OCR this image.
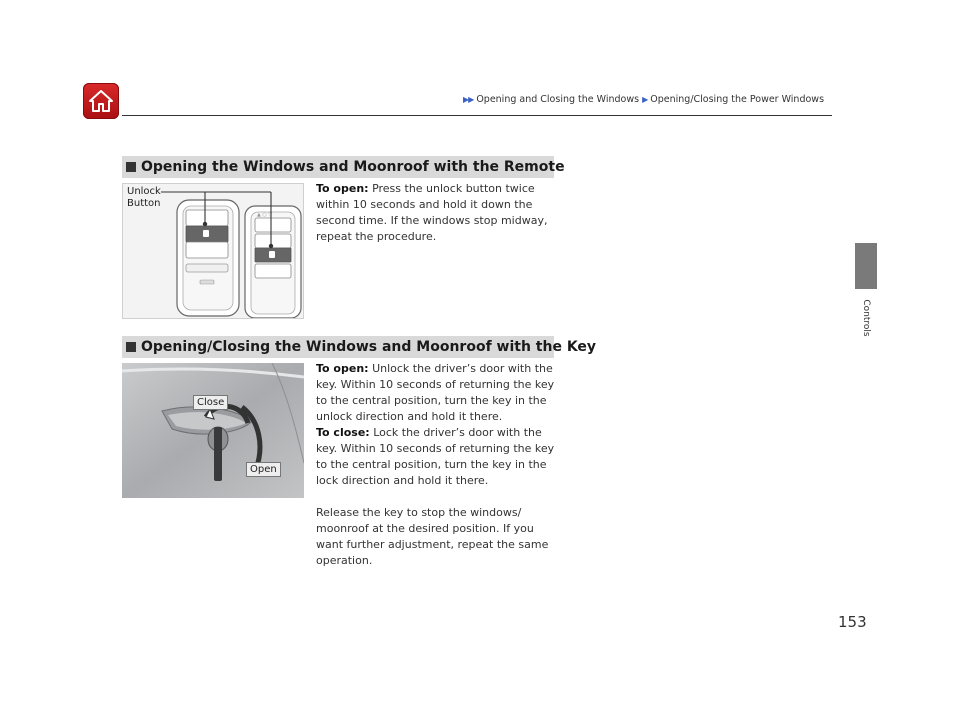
▶▶ Opening and Closing the Windows ▶ Opening/Closing the Power Windows
Controls
Opening the Windows and Moonroof with the Remote
▲ ○ ▽
Unlock Button

To open: Press the unlock button twice within 10 seconds and hold it down the second time. If the windows stop midway, repeat the procedure.

Opening/Closing the Windows and Moonroof with the Key
Close
Open

To open: Unlock the driver’s door with the key. Within 10 seconds of returning the key to the central position, turn the key in the unlock direction and hold it there.

To close: Lock the driver’s door with the key. Within 10 seconds of returning the key to the central position, turn the key in the lock direction and hold it there.

Release the key to stop the windows/ moonroof at the desired position. If you want further adjustment, repeat the same operation.

153
